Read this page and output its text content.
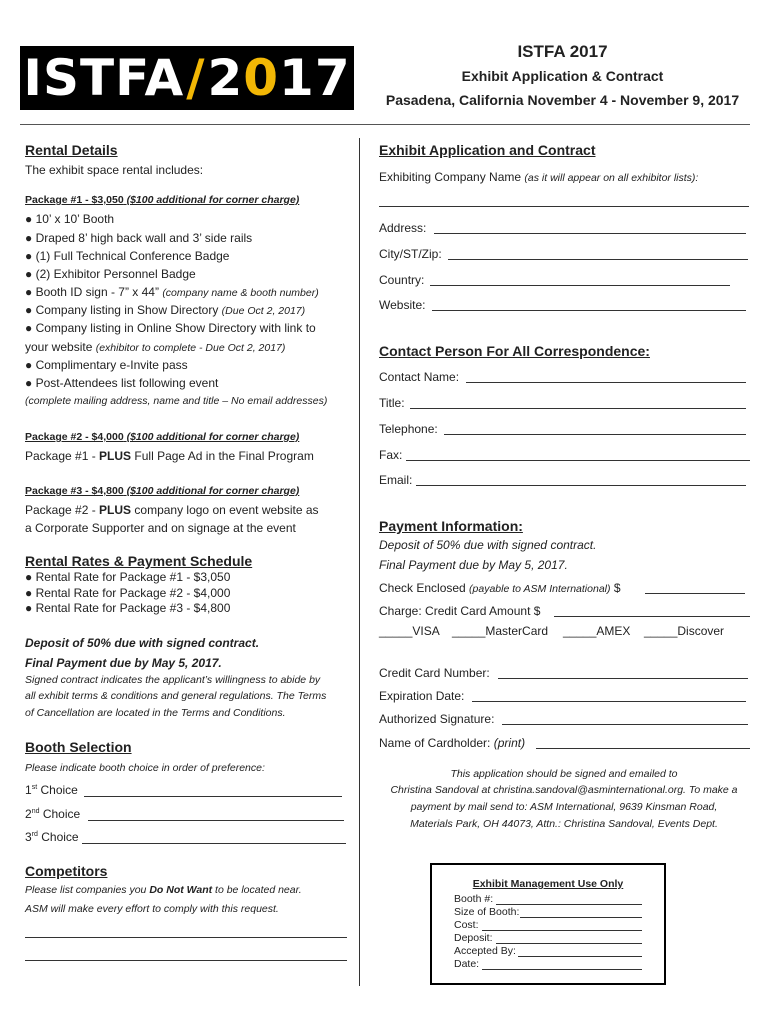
ISTFA / 2 0 17	ISTFA 2017
Exhibit Application & Contract
Pasadena, California November 4 - November 9, 2017
Rental Details
The exhibit space rental includes:
Package #1 - $3,050 ($100 additional for corner charge)
● 10’ x 10’ Booth
● Draped 8’ high back wall and 3’ side rails
● (1) Full Technical Conference Badge
● (2) Exhibitor Personnel Badge
● Booth ID sign - 7” x 44” (company name & booth number)
● Company listing in Show Directory (Due Oct 2, 2017)
● Company listing in Online Show Directory with link to
your website (exhibitor to complete - Due Oct 2, 2017)
● Complimentary e-Invite pass
● Post-Attendees list following event
(complete mailing address, name and title – No email addresses)
Package #2 - $4,000 ($100 additional for corner charge)
Package #1 - PLUS Full Page Ad in the Final Program
Package #3 - $4,800 ($100 additional for corner charge)
Package #2 - PLUS company logo on event website as
a Corporate Supporter and on signage at the event
Rental Rates & Payment Schedule
● Rental Rate for Package #1 - $3,050
● Rental Rate for Package #2 - $4,000
● Rental Rate for Package #3 - $4,800
Deposit of 50% due with signed contract.
Final Payment due by May 5, 2017.
Signed contract indicates the applicant’s willingness to abide by
all exhibit terms & conditions and general regulations. The Terms
of Cancellation are located in the Terms and Conditions.
Booth Selection
Please indicate booth choice in order of preference:
1st Choice
2nd Choice
3rd Choice
Competitors
Please list companies you Do Not Want to be located near.
ASM will make every effort to comply with this request.
Exhibit Application and Contract
Exhibiting Company Name (as it will appear on all exhibitor lists):
Address:
City/ST/Zip:
Country:
Website:
Contact Person For All Correspondence:
Contact Name:
Title:
Telephone:
Fax:
Email:
Payment Information:
Deposit of 50% due with signed contract.
Final Payment due by May 5, 2017.
Check Enclosed (payable to ASM International) $
Charge: Credit Card Amount $
_____VISA _____MasterCard _____AMEX _____Discover
Credit Card Number:
Expiration Date:
Authorized Signature:
Name of Cardholder: (print)
This application should be signed and emailed to
Christina Sandoval at christina.sandoval@asminternational.org. To make a
payment by mail send to: ASM International, 9639 Kinsman Road,
Materials Park, OH 44073, Attn.: Christina Sandoval, Events Dept.
Exhibit Management Use Only
Booth #:
Size of Booth:
Cost:
Deposit:
Accepted By:
Date:
